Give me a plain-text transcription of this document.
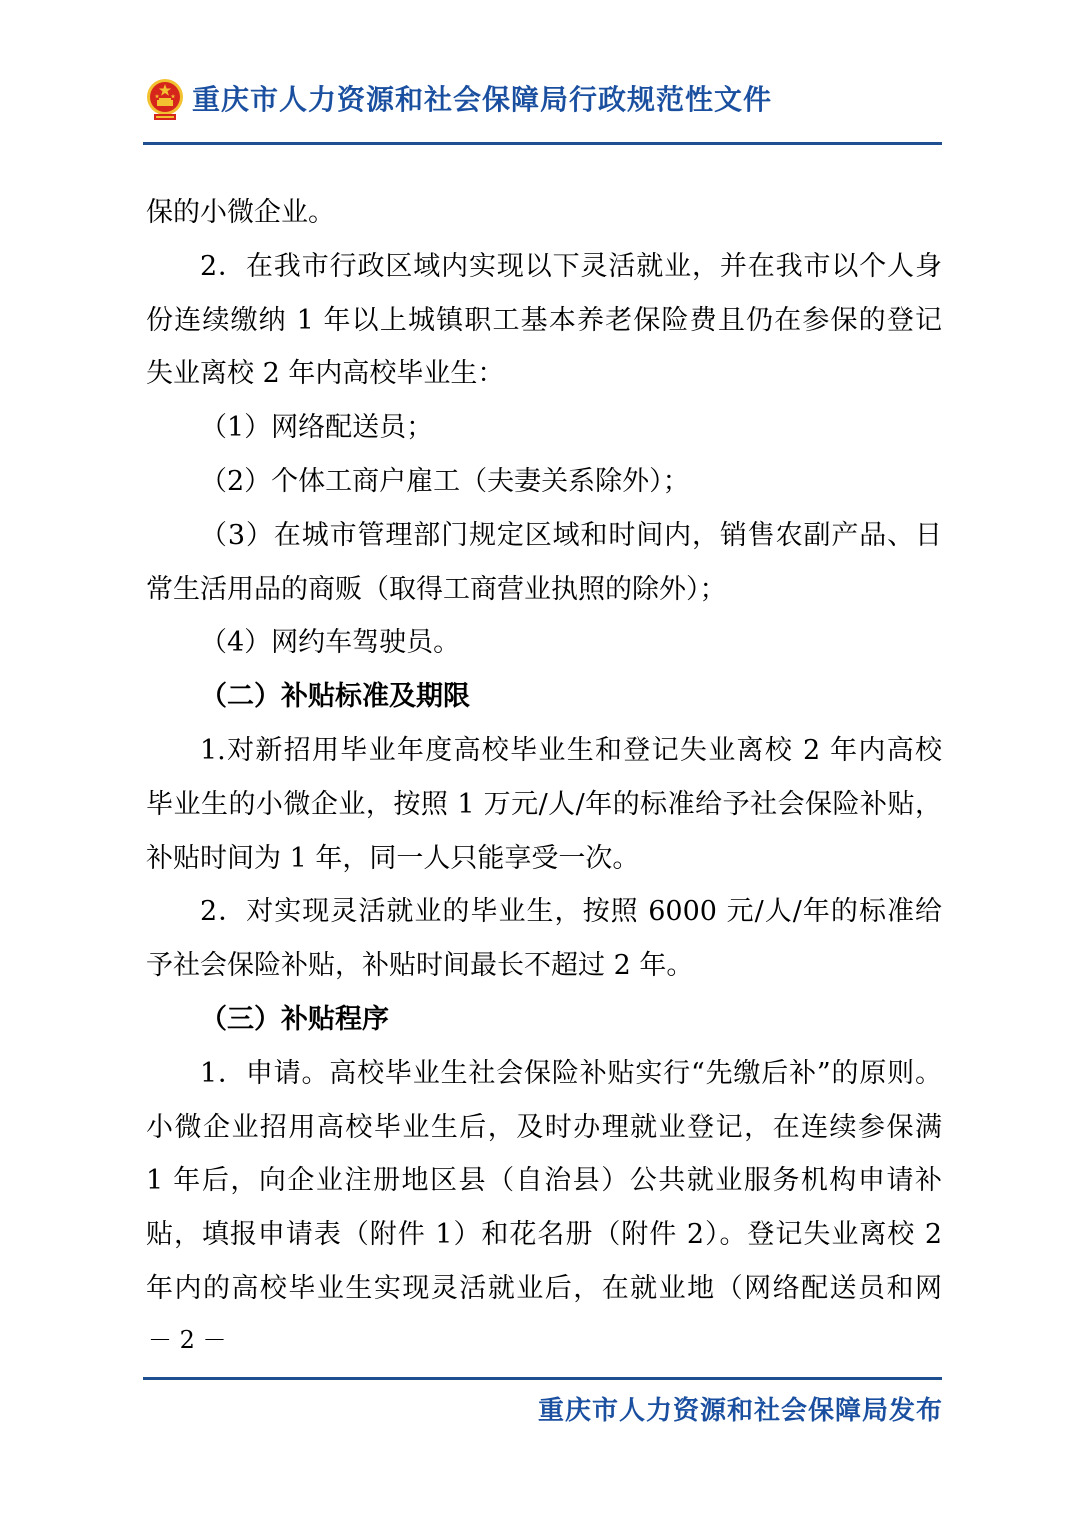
重庆市人力资源和社会保障局行政规范性文件
保的小微企业。
2．在我市行政区域内实现以下灵活就业，并在我市以个人身
份连续缴纳 1 年以上城镇职工基本养老保险费且仍在参保的登记
失业离校 2 年内高校毕业生：
（1）网络配送员；
（2）个体工商户雇工（夫妻关系除外）；
（3）在城市管理部门规定区域和时间内，销售农副产品、日
常生活用品的商贩（取得工商营业执照的除外）；
（4）网约车驾驶员。
（二）补贴标准及期限
1.对新招用毕业年度高校毕业生和登记失业离校 2 年内高校
毕业生的小微企业，按照 1 万元/人/年的标准给予社会保险补贴，
补贴时间为 1 年，同一人只能享受一次。
2．对实现灵活就业的毕业生，按照 6000 元/人/年的标准给
予社会保险补贴，补贴时间最长不超过 2 年。
（三）补贴程序
1．申请。高校毕业生社会保险补贴实行“先缴后补”的原则。
小微企业招用高校毕业生后，及时办理就业登记，在连续参保满
1 年后，向企业注册地区县（自治县）公共就业服务机构申请补
贴，填报申请表（附件 1）和花名册（附件 2）。登记失业离校 2
年内的高校毕业生实现灵活就业后，在就业地（网络配送员和网
－ 2 －
重庆市人力资源和社会保障局发布
